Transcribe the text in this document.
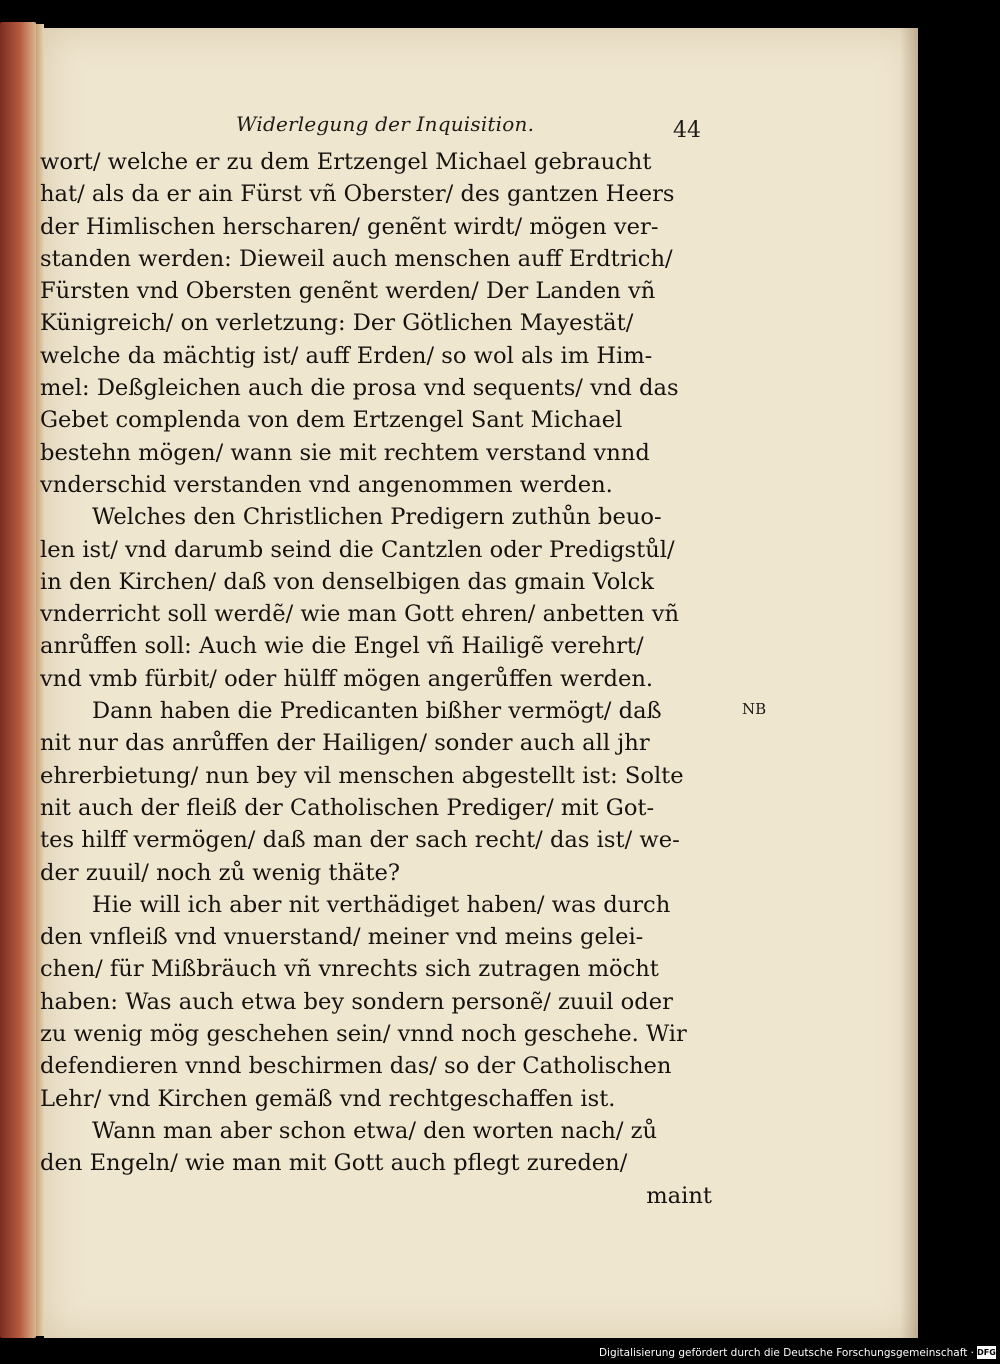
Widerlegung der Inquisition.	44
wort/ welche er zu dem Ertzengel Michael gebraucht
hat/ als da er ain Fürst vñ Oberster/ des gantzen Heers
der Himlischen herscharen/ genẽnt wirdt/ mögen ver-
standen werden: Dieweil auch menschen auff Erdtrich/
Fürsten vnd Obersten genẽnt werden/ Der Landen vñ
Künigreich/ on verletzung: Der Götlichen Mayestät/
welche da mächtig ist/ auff Erden/ so wol als im Him-
mel: Deßgleichen auch die prosa vnd sequents/ vnd das
Gebet complenda von dem Ertzengel Sant Michael
bestehn mögen/ wann sie mit rechtem verstand vnnd
vnderschid verstanden vnd angenommen werden.
Welches den Christlichen Predigern zuthůn beuo-
len ist/ vnd darumb seind die Cantzlen oder Predigstůl/
in den Kirchen/ daß von denselbigen das gmain Volck
vnderricht soll werdẽ/ wie man Gott ehren/ anbetten vñ
anrůffen soll: Auch wie die Engel vñ Hailigẽ verehrt/
vnd vmb fürbit/ oder hülff mögen angerůffen werden.
Dann haben die Predicanten bißher vermögt/ daß
nit nur das anrůffen der Hailigen/ sonder auch all jhr
ehrerbietung/ nun bey vil menschen abgestellt ist: Solte
nit auch der fleiß der Catholischen Prediger/ mit Got-
tes hilff vermögen/ daß man der sach recht/ das ist/ we-
der zuuil/ noch zů wenig thäte?
Hie will ich aber nit verthädiget haben/ was durch
den vnfleiß vnd vnuerstand/ meiner vnd meins gelei-
chen/ für Mißbräuch vñ vnrechts sich zutragen möcht
haben: Was auch etwa bey sondern personẽ/ zuuil oder
zu wenig mög geschehen sein/ vnnd noch geschehe. Wir
defendieren vnnd beschirmen das/ so der Catholischen
Lehr/ vnd Kirchen gemäß vnd rechtgeschaffen ist.
Wann man aber schon etwa/ den worten nach/ zů
den Engeln/ wie man mit Gott auch pflegt zureden/
maint
NB
Digitalisierung gefördert durch die Deutsche Forschungsgemeinschaft · DFG
